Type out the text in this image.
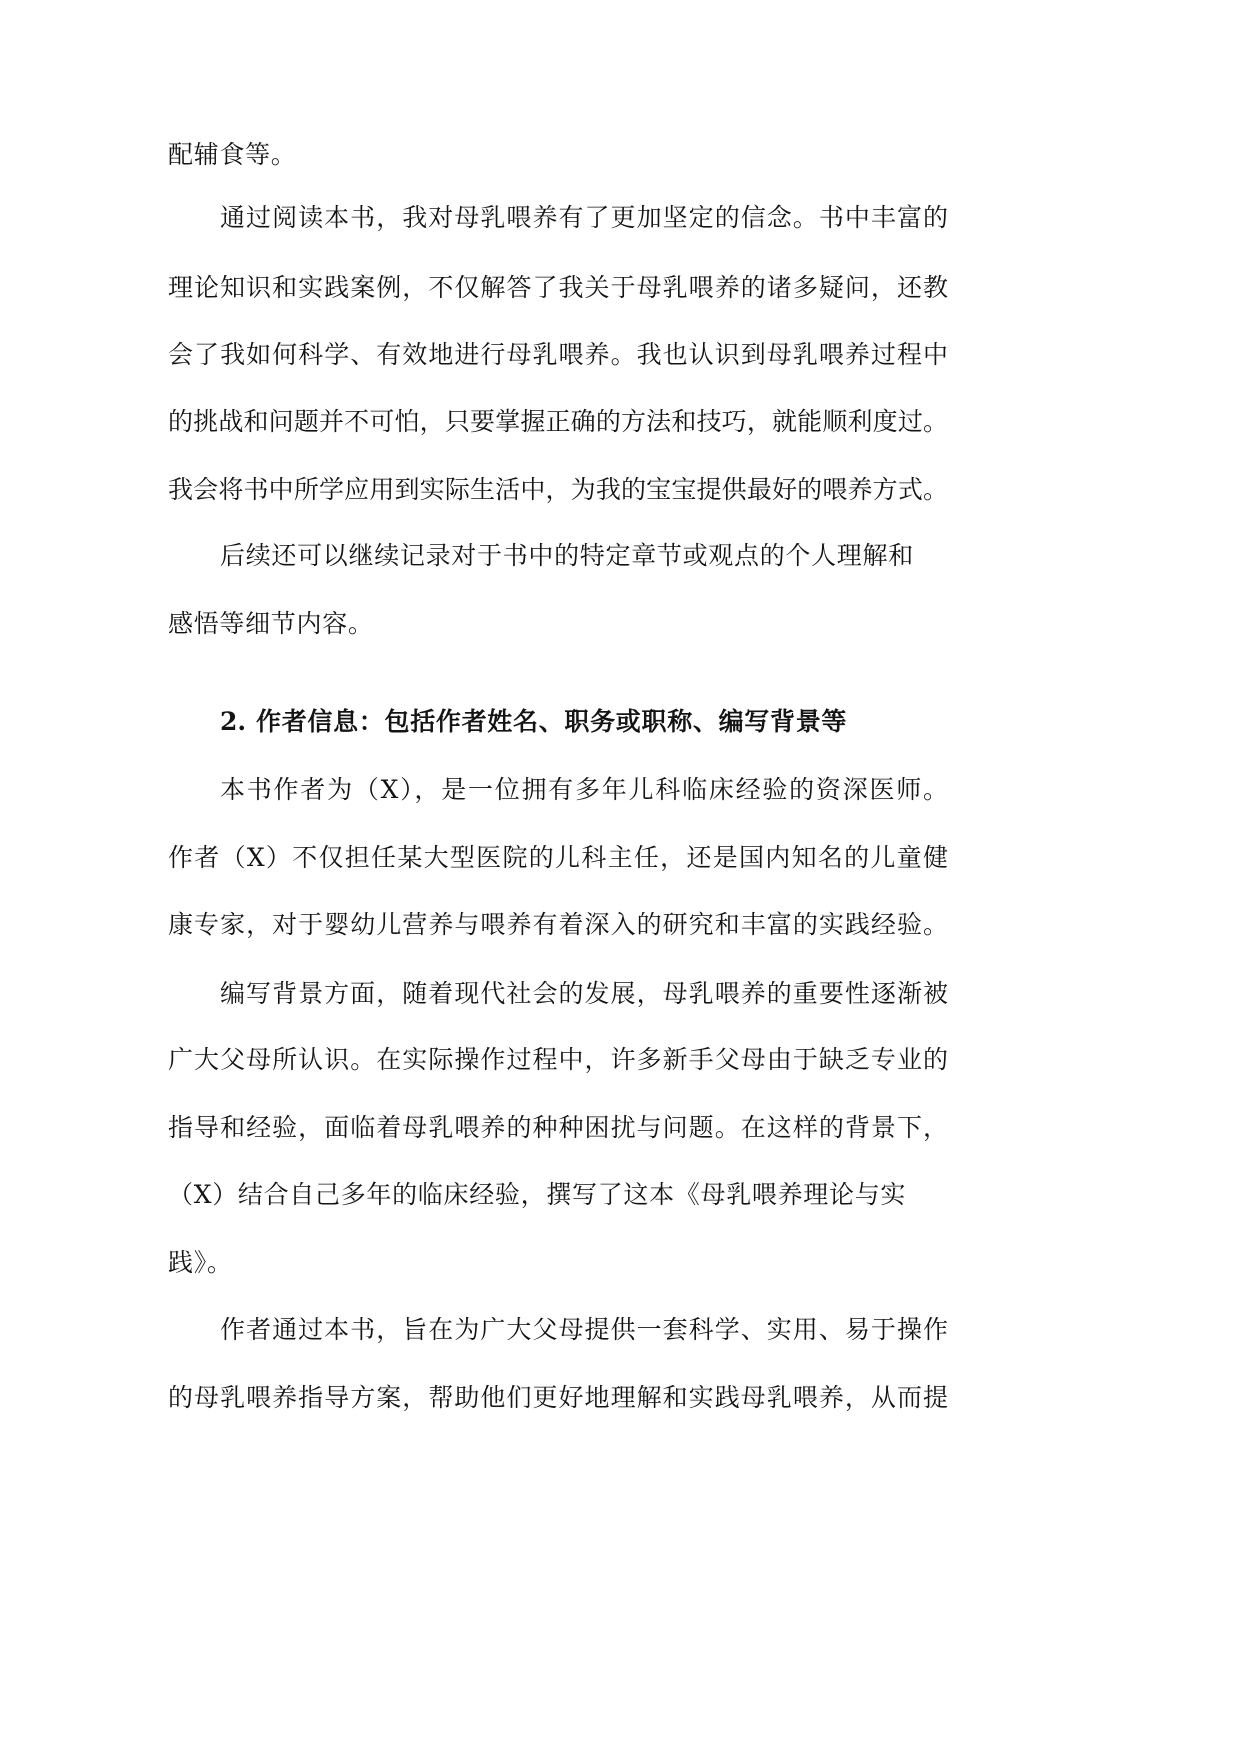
配辅食等。
通过阅读本书，我对母乳喂养有了更加坚定的信念。书中丰富的
理论知识和实践案例，不仅解答了我关于母乳喂养的诸多疑问，还教
会了我如何科学、有效地进行母乳喂养。我也认识到母乳喂养过程中
的挑战和问题并不可怕，只要掌握正确的方法和技巧，就能顺利度过。
我会将书中所学应用到实际生活中，为我的宝宝提供最好的喂养方式。
后续还可以继续记录对于书中的特定章节或观点的个人理解和
感悟等细节内容。
2. 作者信息：包括作者姓名、职务或职称、编写背景等
本书作者为（X），是一位拥有多年儿科临床经验的资深医师。
作者（X）不仅担任某大型医院的儿科主任，还是国内知名的儿童健
康专家，对于婴幼儿营养与喂养有着深入的研究和丰富的实践经验。
编写背景方面，随着现代社会的发展，母乳喂养的重要性逐渐被
广大父母所认识。在实际操作过程中，许多新手父母由于缺乏专业的
指导和经验，面临着母乳喂养的种种困扰与问题。在这样的背景下，
（X）结合自己多年的临床经验，撰写了这本《母乳喂养理论与实
践》。
作者通过本书，旨在为广大父母提供一套科学、实用、易于操作
的母乳喂养指导方案，帮助他们更好地理解和实践母乳喂养，从而提
